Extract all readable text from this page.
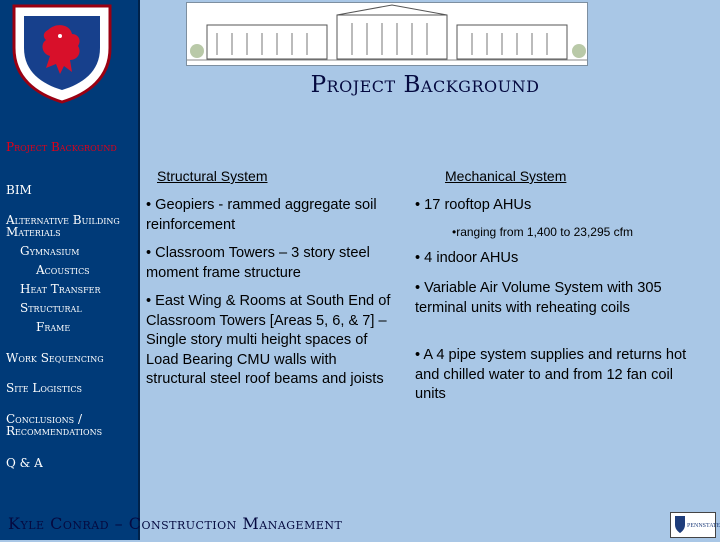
Project Background
BIM
Alternative Building Materials
Gymnasium
Acoustics
Heat Transfer
Structural
Frame
Work Sequencing
Site Logistics
Conclusions / Recommendations
Q & A
Project Background
Structural System	Mechanical System
• Geopiers - rammed aggregate soil reinforcement
• Classroom Towers – 3 story steel moment frame structure
• East Wing & Rooms at South End of Classroom Towers [Areas 5, 6, & 7] – Single story multi height spaces of Load Bearing CMU walls with structural steel roof beams and joists
• 17 rooftop AHUs
•ranging from 1,400 to 23,295 cfm
• 4 indoor AHUs
• Variable Air Volume System with 305 terminal units with reheating coils
• A 4 pipe system supplies and returns hot and chilled water to and from 12 fan coil units
Kyle Conrad – Construction Management	PENNSTATE
